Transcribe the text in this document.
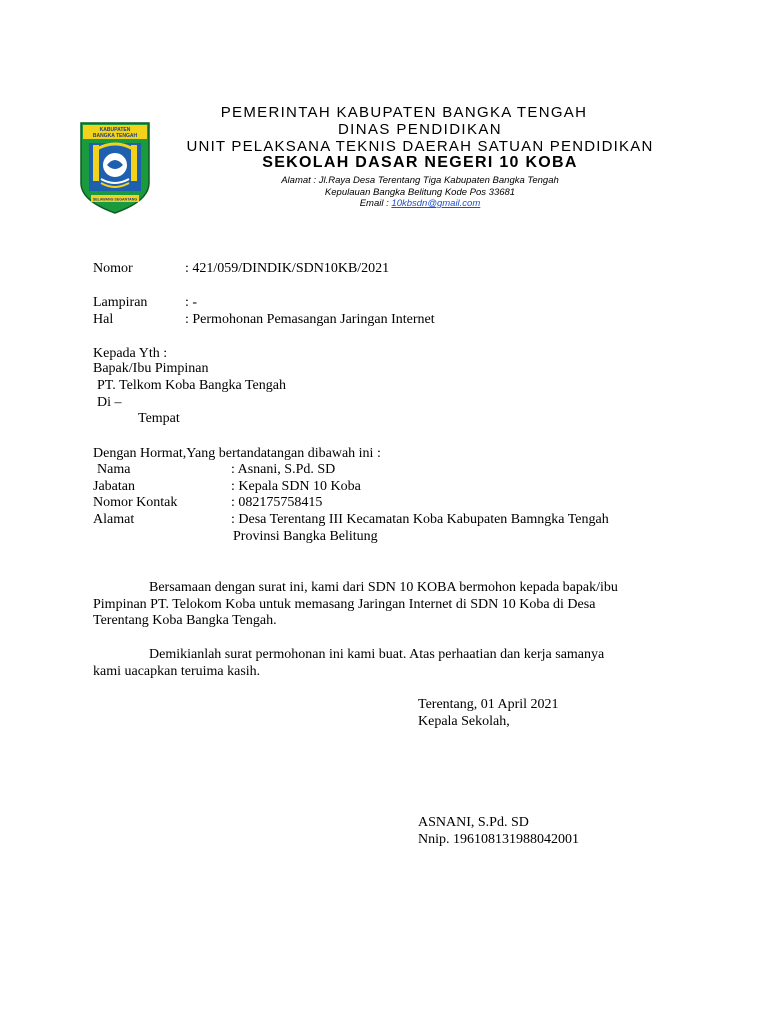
KABUPATEN
BANGKA TENGAH
SELAWANG SEGANTANG
PEMERINTAH KABUPATEN BANGKA TENGAH
DINAS PENDIDIKAN
UNIT PELAKSANA TEKNIS DAERAH SATUAN PENDIDIKAN
SEKOLAH DASAR NEGERI 10 KOBA
Alamat : Jl.Raya Desa Terentang Tiga Kabupaten Bangka Tengah
Kepulauan Bangka Belitung Kode Pos 33681
Email : 10kbsdn@gmail.com
Nomor	: 421/059/DINDIK/SDN10KB/2021
Lampiran	: -
Hal	: Permohonan Pemasangan Jaringan Internet
Kepada Yth :
Bapak/Ibu Pimpinan
PT. Telkom Koba Bangka Tengah
Di –
Tempat
Dengan Hormat,Yang bertandatangan dibawah ini :
Nama	: Asnani, S.Pd. SD
Jabatan	: Kepala SDN 10 Koba
Nomor Kontak	: 082175758415
Alamat	: Desa Terentang III Kecamatan Koba Kabupaten Bamngka Tengah
Provinsi Bangka Belitung
Bersamaan dengan surat ini, kami dari SDN 10 KOBA bermohon kepada bapak/ibu
Pimpinan PT. Telokom Koba untuk memasang Jaringan Internet di SDN 10 Koba di Desa
Terentang Koba Bangka Tengah.
Demikianlah surat permohonan ini kami buat. Atas perhaatian dan kerja samanya
kami uacapkan teruima kasih.
Terentang, 01 April 2021
Kepala Sekolah,
ASNANI, S.Pd. SD
Nnip. 196108131988042001
